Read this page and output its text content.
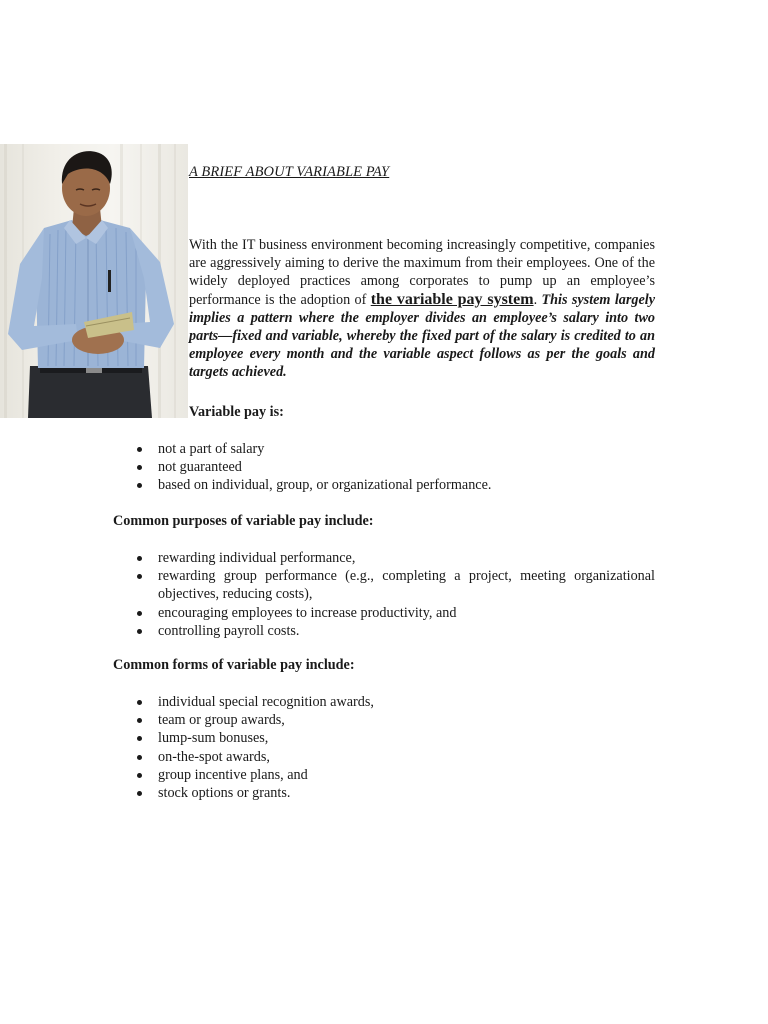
A BRIEF ABOUT VARIABLE PAY

With the IT business environment becoming increasingly competitive, companies are aggressively aiming to derive the maximum from their employees. One of the widely deployed practices among corporates to pump up an employee’s performance is the adoption of the variable pay system. This system largely implies a pattern where the employer divides an employee’s salary into two parts—fixed and variable, whereby the fixed part of the salary is credited to an employee every month and the variable aspect follows as per the goals and targets achieved.

Variable pay is:
not a part of salary
not guaranteed
based on individual, group, or organizational performance.
Common purposes of variable pay include:
rewarding individual performance,
rewarding group performance (e.g., completing a project, meeting organizational objectives, reducing costs),
encouraging employees to increase productivity, and
controlling payroll costs.
Common forms of variable pay include:
individual special recognition awards,
team or group awards,
lump-sum bonuses,
on-the-spot awards,
group incentive plans, and
stock options or grants.
